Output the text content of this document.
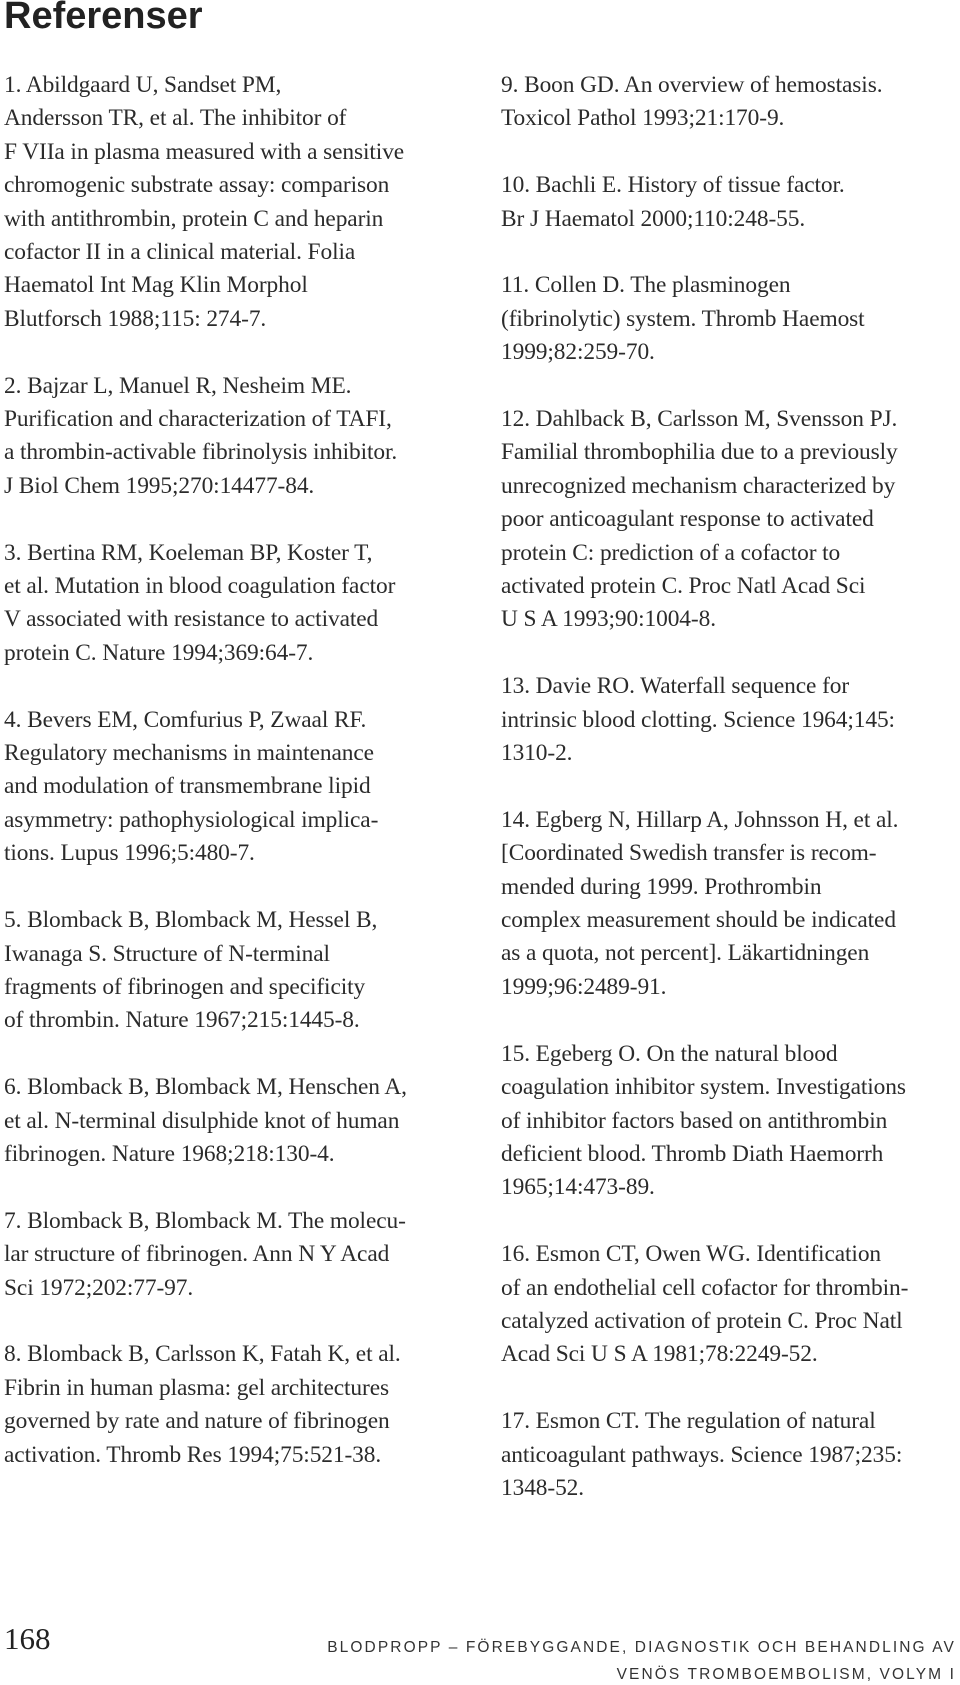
Referenser

1. Abildgaard U, Sandset PM,
Andersson TR, et al. The inhibitor of
F VIIa in plasma measured with a sensitive
chromogenic substrate assay: comparison
with antithrombin, protein C and heparin
cofactor II in a clinical material. Folia
Haematol Int Mag Klin Morphol
Blutforsch 1988;115: 274-7.

2. Bajzar L, Manuel R, Nesheim ME.
Purification and characterization of TAFI,
a thrombin-activable fibrinolysis inhibitor.
J Biol Chem 1995;270:14477-84.

3. Bertina RM, Koeleman BP, Koster T,
et al. Mutation in blood coagulation factor
V associated with resistance to activated
protein C. Nature 1994;369:64-7.

4. Bevers EM, Comfurius P, Zwaal RF.
Regulatory mechanisms in maintenance
and modulation of transmembrane lipid
asymmetry: pathophysiological implica-
tions. Lupus 1996;5:480-7.

5. Blomback B, Blomback M, Hessel B,
Iwanaga S. Structure of N-terminal
fragments of fibrinogen and specificity
of thrombin. Nature 1967;215:1445-8.

6. Blomback B, Blomback M, Henschen A,
et al. N-terminal disulphide knot of human
fibrinogen. Nature 1968;218:130-4.

7. Blomback B, Blomback M. The molecu-
lar structure of fibrinogen. Ann N Y Acad
Sci 1972;202:77-97.

8. Blomback B, Carlsson K, Fatah K, et al.
Fibrin in human plasma: gel architectures
governed by rate and nature of fibrinogen
activation. Thromb Res 1994;75:521-38.

9. Boon GD. An overview of hemostasis.
Toxicol Pathol 1993;21:170-9.

10. Bachli E. History of tissue factor.
Br J Haematol 2000;110:248-55.

11. Collen D. The plasminogen
(fibrinolytic) system. Thromb Haemost
1999;82:259-70.

12. Dahlback B, Carlsson M, Svensson PJ.
Familial thrombophilia due to a previously
unrecognized mechanism characterized by
poor anticoagulant response to activated
protein C: prediction of a cofactor to
activated protein C. Proc Natl Acad Sci
U S A 1993;90:1004-8.

13. Davie RO. Waterfall sequence for
intrinsic blood clotting. Science 1964;145:
1310-2.

14. Egberg N, Hillarp A, Johnsson H, et al.
[Coordinated Swedish transfer is recom-
mended during 1999. Prothrombin
complex measurement should be indicated
as a quota, not percent]. Läkartidningen
1999;96:2489-91.

15. Egeberg O. On the natural blood
coagulation inhibitor system. Investigations
of inhibitor factors based on antithrombin
deficient blood. Thromb Diath Haemorrh
1965;14:473-89.

16. Esmon CT, Owen WG. Identification
of an endothelial cell cofactor for thrombin-
catalyzed activation of protein C. Proc Natl
Acad Sci U S A 1981;78:2249-52.

17. Esmon CT. The regulation of natural
anticoagulant pathways. Science 1987;235:
1348-52.

168	BLODPROPP – FÖREBYGGANDE, DIAGNOSTIK OCH BEHANDLING AV
VENÖS TROMBOEMBOLISM, VOLYM I
